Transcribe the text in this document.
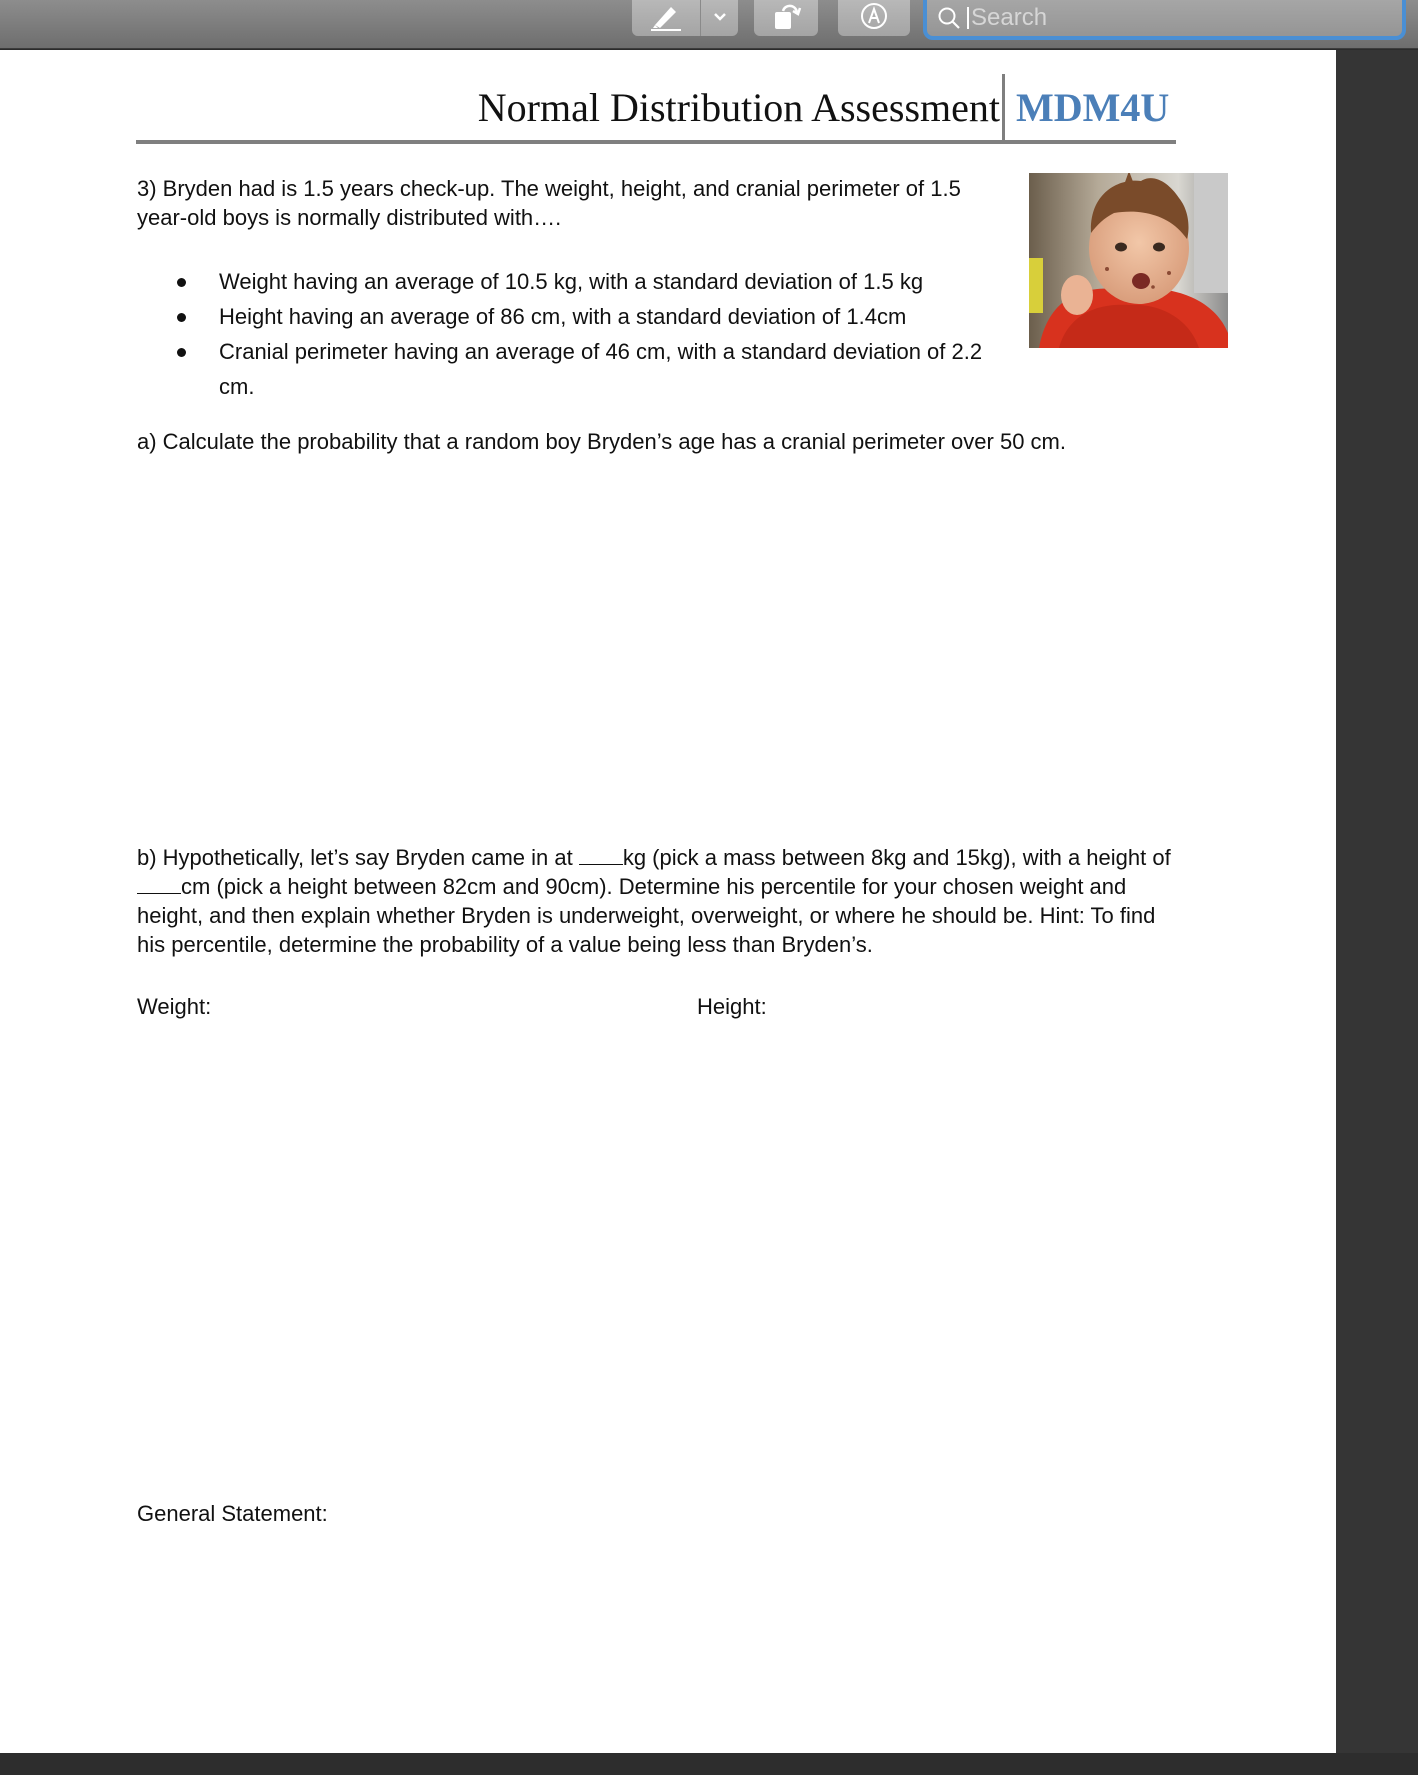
Search
Normal Distribution Assessment MDM4U
3) Bryden had is 1.5 years check-up. The weight, height, and cranial perimeter of 1.5 year-old boys is normally distributed with….
Weight having an average of 10.5 kg, with a standard deviation of 1.5 kg
Height having an average of 86 cm, with a standard deviation of 1.4cm
Cranial perimeter having an average of 46 cm, with a standard deviation of 2.2 cm.
a) Calculate the probability that a random boy Bryden’s age has a cranial perimeter over 50 cm.
b) Hypothetically, let’s say Bryden came in at kg (pick a mass between 8kg and 15kg), with a height of cm (pick a height between 82cm and 90cm). Determine his percentile for your chosen weight and height, and then explain whether Bryden is underweight, overweight, or where he should be. Hint: To find his percentile, determine the probability of a value being less than Bryden’s.
Weight:	Height:
General Statement:
